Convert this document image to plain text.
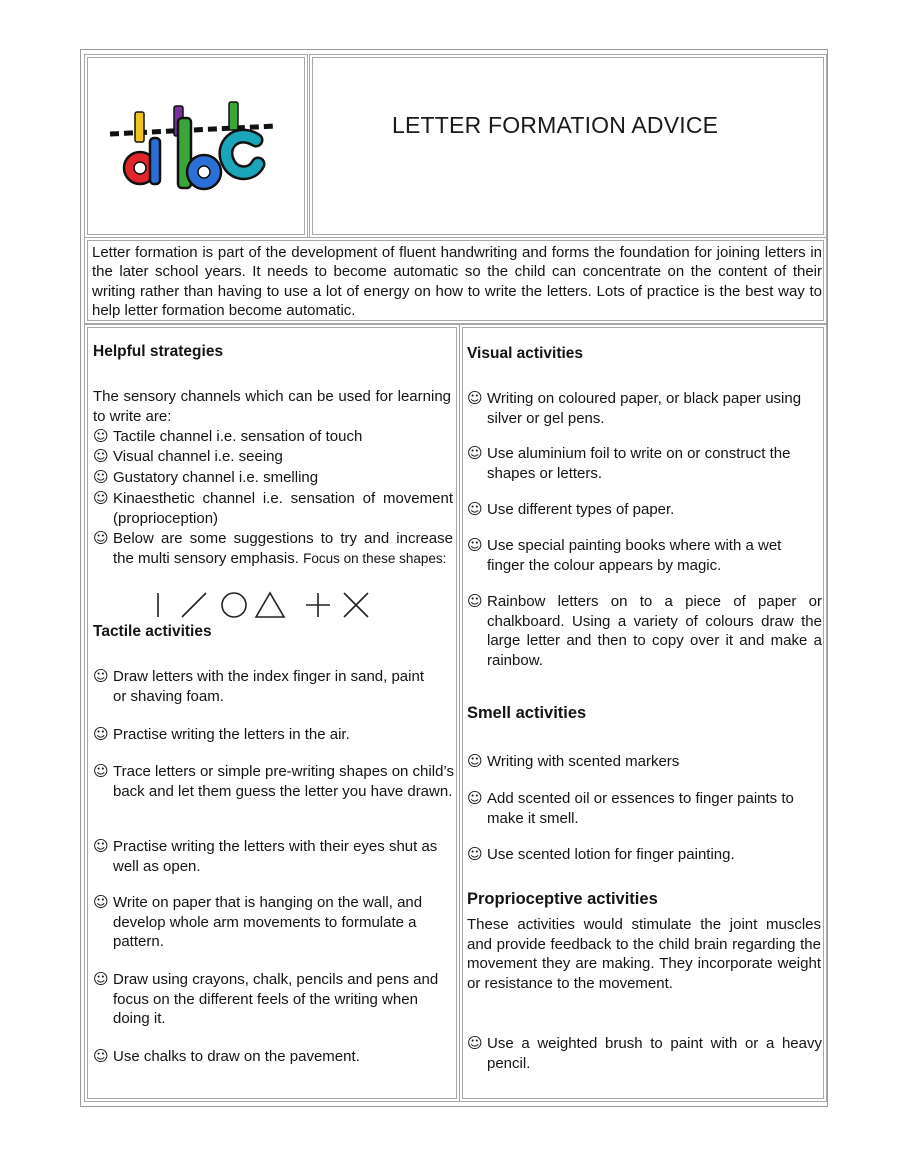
a
LETTER FORMATION ADVICE

Letter formation is part of the development of fluent handwriting and forms the foundation for joining letters in the later school years. It needs to become automatic so the child can concentrate on the content of their writing rather than having to use a lot of energy on how to write the letters. Lots of practice is the best way to help letter formation become automatic.

Helpful strategies

The sensory channels which can be used for learning to write are:

☺ Tactile channel i.e. sensation of touch

☺ Visual channel i.e. seeing

☺ Gustatory channel i.e. smelling

☺ Kinaesthetic channel i.e. sensation of movement (proprioception)

☺ Below are some suggestions to try and increase the multi sensory emphasis. Focus on these shapes:

Tactile activities

☺ Draw letters with the index finger in sand, paint or shaving foam.

☺ Practise writing the letters in the air.

☺ Trace letters or simple pre-writing shapes on child’s back and let them guess the letter you have drawn.

☺ Practise writing the letters with their eyes shut as well as open.

☺ Write on paper that is hanging on the wall, and develop whole arm movements to formulate a pattern.

☺ Draw using crayons, chalk, pencils and pens and focus on the different feels of the writing when doing it.

☺ Use chalks to draw on the pavement.

Visual activities

☺ Writing on coloured paper, or black paper using silver or gel pens.

☺ Use aluminium foil to write on or construct the shapes or letters.

☺ Use different types of paper.

☺ Use special painting books where with a wet finger the colour appears by magic.

☺ Rainbow letters on to a piece of paper or chalkboard. Using a variety of colours draw the large letter and then to copy over it and make a rainbow.

Smell activities

☺ Writing with scented markers

☺ Add scented oil or essences to finger paints to make it smell.

☺ Use scented lotion for finger painting.

Proprioceptive activities

These activities would stimulate the joint muscles and provide feedback to the child brain regarding the movement they are making. They incorporate weight or resistance to the movement.

☺ Use a weighted brush to paint with or a heavy pencil.
